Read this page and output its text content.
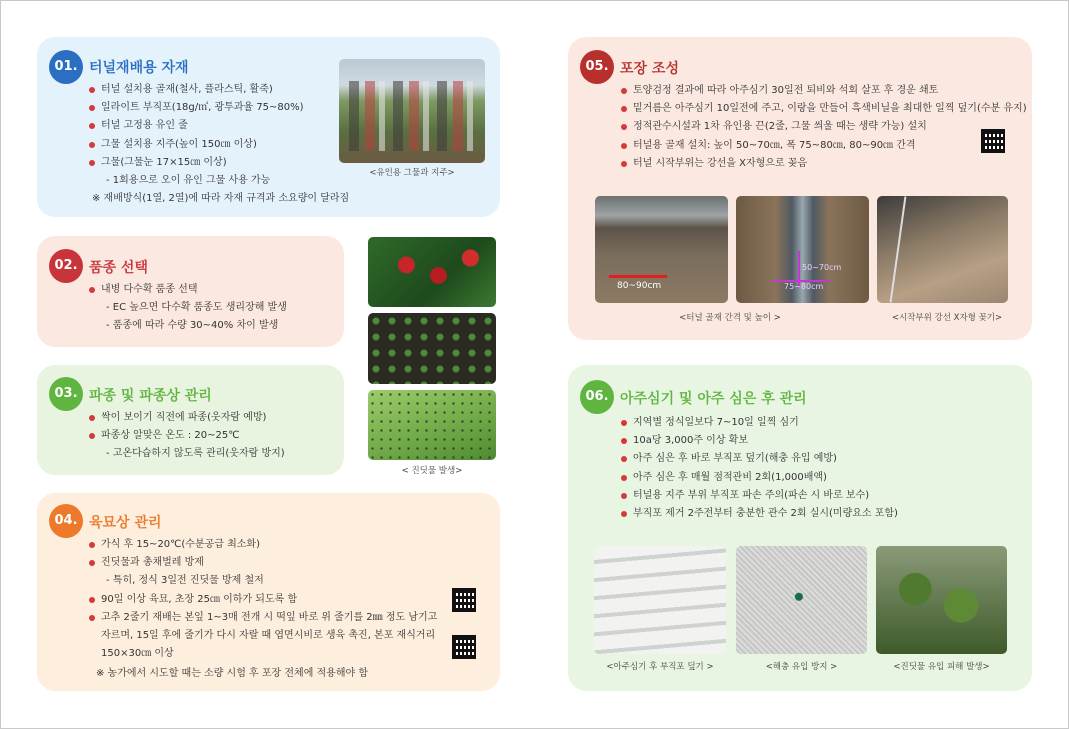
01. 터널재배용 자재
터널 설치용 골재(철사, 플라스틱, 활죽)
일라이트 부직포(18g/㎡, 광투과율 75~80%)
터널 고정용 유인 줄
그물 설치용 지주(높이 150㎝ 이상)
그물(그물눈 17×15㎝ 이상)
- 1회용으로 오이 유인 그물 사용 가능
※ 재배방식(1열, 2열)에 따라 자재 규격과 소요량이 달라짐
<유인용 그물과 지주>
02. 품종 선택
내병 다수확 품종 선택
- EC 높으면 다수확 품종도 생리장해 발생
- 품종에 따라 수량 30~40% 차이 발생
03. 파종 및 파종상 관리
싹이 보이기 직전에 파종(웃자람 예방)
파종상 알맞은 온도 : 20~25℃
- 고온다습하지 않도록 관리(웃자람 방지)
< 진딧물 발생>
04. 육묘상 관리
가식 후 15~20℃(수분공급 최소화)
진딧물과 총채벌레 방제
- 특히, 정식 3일전 진딧물 방제 철저
90일 이상 육묘, 초장 25㎝ 이하가 되도록 함
고추 2줄기 재배는 본잎 1~3매 전개 시 떡잎 바로 위 줄기를 2㎜ 정도 남기고
자르며, 15일 후에 줄기가 다시 자랄 때 엽면시비로 생육 촉진, 본포 재식거리
150×30㎝ 이상
※ 농가에서 시도할 때는 소량 시험 후 포장 전체에 적용해야 함
05. 포장 조성
토양검정 결과에 따라 아주심기 30일전 퇴비와 석회 살포 후 경운 쇄토
밑거름은 아주심기 10일전에 주고, 이랑을 만들어 흑색비닐을 최대한 일찍 덮기(수분 유지)
정적관수시설과 1차 유인용 끈(2줄, 그물 씌울 때는 생략 가능) 설치
터널용 골재 설치: 높이 50~70㎝, 폭 75~80㎝, 80~90㎝ 간격
터널 시작부위는 강선을 X자형으로 꽂음
80~90cm
50~70cm
75~80cm
<터널 골재 간격 및 높이 >	<시작부위 강선 X자형 꽂기>
06. 아주심기 및 아주 심은 후 관리
지역별 정식일보다 7~10일 일찍 심기
10a당 3,000주 이상 확보
아주 심은 후 바로 부직포 덮기(해충 유입 예방)
아주 심은 후 매월 점적관비 2회(1,000배액)
터널용 지주 부위 부직포 파손 주의(파손 시 바로 보수)
부직포 제거 2주전부터 충분한 관수 2회 실시(미량요소 포함)
<아주심기 후 부직포 덮기 >	<해충 유입 방지 >	<진딧물 유입 피해 발생>
